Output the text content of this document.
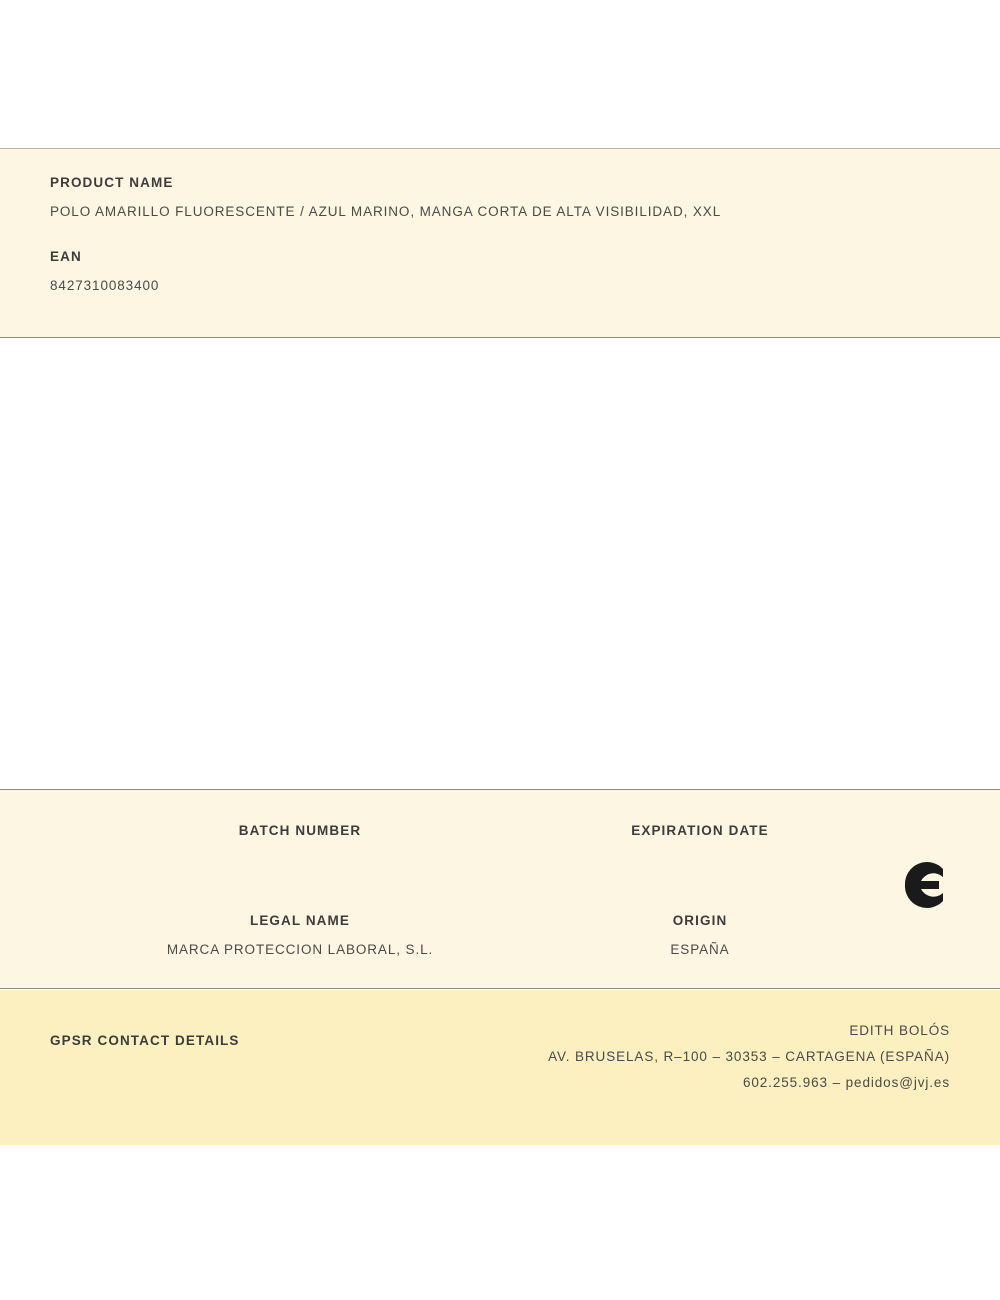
PRODUCT NAME

POLO AMARILLO FLUORESCENTE / AZUL MARINO, MANGA CORTA DE ALTA VISIBILIDAD, XXL

EAN

8427310083400

BATCH NUMBER	EXPIRATION DATE

LEGAL NAME

MARCA PROTECCION LABORAL, S.L.

ORIGIN

ESPAÑA

GPSR CONTACT DETAILS

EDITH BOLÓS

AV. BRUSELAS, R–100 – 30353 – CARTAGENA (ESPAÑA)

602.255.963 – pedidos@jvj.es
